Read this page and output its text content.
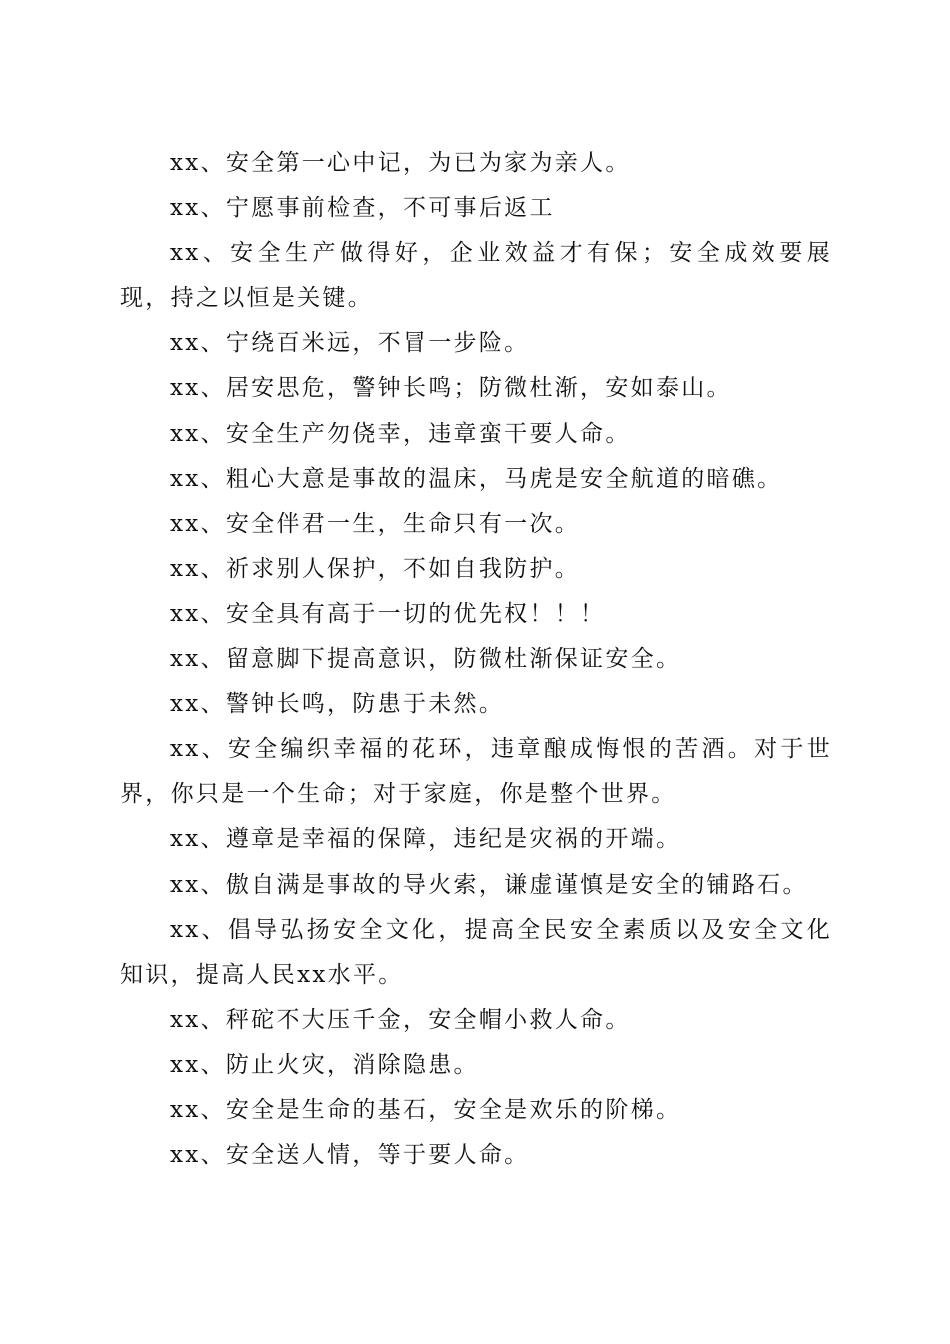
xx、安全第一心中记，为已为家为亲人。

xx、宁愿事前检查，不可事后返工

xx、安全生产做得好，企业效益才有保；安全成效要展现，持之以恒是关键。

xx、宁绕百米远，不冒一步险。

xx、居安思危，警钟长鸣；防微杜渐，安如泰山。

xx、安全生产勿侥幸，违章蛮干要人命。

xx、粗心大意是事故的温床，马虎是安全航道的暗礁。

xx、安全伴君一生，生命只有一次。

xx、祈求别人保护，不如自我防护。

xx、安全具有高于一切的优先权！！！

xx、留意脚下提高意识，防微杜渐保证安全。

xx、警钟长鸣，防患于未然。

xx、安全编织幸福的花环，违章酿成悔恨的苦酒。对于世界，你只是一个生命；对于家庭，你是整个世界。

xx、遵章是幸福的保障，违纪是灾祸的开端。

xx、傲自满是事故的导火索，谦虚谨慎是安全的铺路石。

xx、倡导弘扬安全文化，提高全民安全素质以及安全文化知识，提高人民xx水平。

xx、秤砣不大压千金，安全帽小救人命。

xx、防止火灾，消除隐患。

xx、安全是生命的基石，安全是欢乐的阶梯。

xx、安全送人情，等于要人命。
